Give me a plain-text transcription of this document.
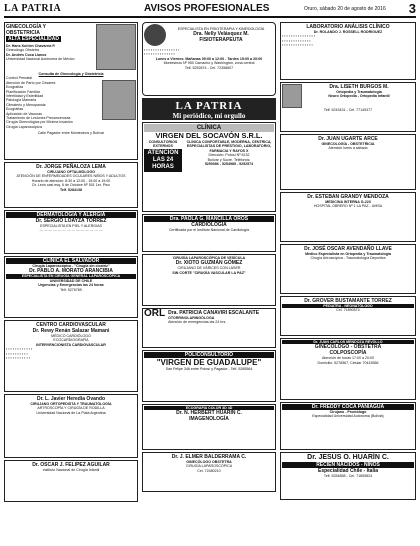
LA PATRIA	AVISOS PROFESIONALES	Oruro, sábado 20 de agosto de 2016 3
GINECOLOGÍA Y
OBSTETRICIA
ALTA ESPECIALIDAD
Dr. Hans Kuhlen Chavarría P.
Ginecólogo Obstetra
Dr. Andrés Coca Llanos
Universidad Nacional Autónoma de México
Consulta de Ginecología y Obstetricia
Control Prenatal
Atención de Parto por Cesárea
Ecografías
Planificación Familiar
Infertilidad y Esterilidad
Patología Mamaria
Climaterio y Menopausia
Ecografías
Aplicación de Vacunas
Tratamiento de Lesiones Precancerosas
Cirugía Ginecológica por Mínima Invasión
Cirugía Laparoscópica
Calle Pagador entre Montecinos y Bolívar
Dr. JORGE PEÑALOZA LEMA
CIRUJANO OFTALMÓLOGO
ATENCIÓN DE ENFERMEDADES OCULARES NIÑOS Y ADULTOS
Horario de atención: 8:30 a 12:00 - 15:00 a 19:00
Dr. León casi esq. 6 de Octubre Nº 501 1er. Piso
Telf. 5284138
DERMATOLOGÍA Y ALERGIA
Dr. SERGIO LOAYZA TÓRREZ
ESPECIALISTA EN PIEL Y ALERGIAS
— — — — — — — — — — — — — —
CLÍNICA EL SALVADOR
Cirugía Laparoscópica - "Cirugía sin cicatriz"
Dr. PABLO A. MORATO ARANCIBIA
ESPECIALISTA EN CIRUGÍA GENERAL LAPAROSCÓPICA
UNIVERSIDAD DE CHILE
Urgencias y Emergencias las 24 horas
Telf. 5276789
CENTRO CARDIOVASCULAR
Dr. Rewy Renán Salazar Mamani
MÉDICO CARDIÓLOGO
ECOCARDIOGRAFÍA
INTERVENCIONISTA CARDIOVASCULAR
▪ ▪ ▪ ▪ ▪ ▪ ▪ ▪ ▪ ▪ ▪ ▪
▪ ▪ ▪ ▪ ▪ ▪ ▪ ▪ ▪ ▪
▪ ▪ ▪ ▪ ▪ ▪ ▪ ▪ ▪ ▪ ▪
Dr. L. Javier Heredia Ovando
CIRUJANO ORTOPEDISTA Y TRAUMATOLOGÍA
ARTROSCOPÍA Y CIRUGÍA DE RODILLA
Universidad Nacional de La Plata Argentina
Dr. OSCAR J. FELIPEZ AGUILAR
Instituto Nacional de Cirugía Infantil
ESPECIALISTA EN FISIOTERAPIA Y KINESIOLOGÍA
Dra. Nelly Velásquez M.
FISIOTERAPEUTA
▪ ▪ ▪ ▪ ▪ ▪ ▪ ▪ ▪ ▪ ▪ ▪ ▪ ▪ ▪ ▪
▪ ▪ ▪ ▪ ▪ ▪ ▪ ▪ ▪ ▪ ▪ ▪ ▪ ▪
Lunes a Viernes: Mañanas 09:00 a 12:00 - Tardes 15:00 a 20:00
Montesinos Nº 950 Camacho y Washington, zona central
Telf. 5252874 - Cel. 72358607
LA PATRIA
Mi periódico, mi orgullo
CLÍNICA
VIRGEN DEL SOCAVÓN S.R.L.
CONSULTORIOS EXTERNOS
ATENCIÓN LAS 24 HORAS
CLÍNICA CONFORTABLE, MODERNA, CENTRICA, ESPECIALISTAS DE PRESTIGIO, LABORATORIO, FARMACIA Y RAYOS X
Dirección: Potosí Nº 6132
Bolívar y Sucre. Teléfonos:
5250086 - 5254985 - 5252574
Dra. PAOLA G. MANCILLA OROS
CARDIOLOGÍA
Certificada por el Instituto Nacional de Cardiología
CIRUGÍA LAPAROSCÓPICA DE VESÍCULA
Dr. XIOTO GUZMÁN GÓMEZ
CIRUJANO DE VÁRICES CON LÁSER
SIN CORTE "CIRUGÍA VASCULAR LA PAZ"
ORL Dra. PATRICIA CANAVIRI ESCALANTE
OTORRINOLARINGÓLOGA
Atención de emergencias las 24 hrs.
POLICONSULTORIO
"VIRGEN DE GUADALUPE"
San Felipe 346 entre Potosí y Pagador - Telf. 5285564
ECOGRAFÍA COLOR 3D 4D
Dr. N. HERBERT HUARÍN C.
IMAGENOLOGÍA
Dr. J. ELMER BALDERRAMA C.
GINECÓLOGO OBSTETRA
CIRUGÍA LAPAROSCÓPICA
Cel. 72480210
LABORATORIO ANÁLISIS CLÍNICO
Dr. ROLANDO J. ROSSELL RODRIGUEZ
▪ ▪ ▪ ▪ ▪ ▪ ▪ ▪ ▪ ▪ ▪ ▪ ▪ ▪ ▪
▪ ▪ ▪ ▪ ▪ ▪ ▪ ▪ ▪ ▪ ▪ ▪ ▪
▪ ▪ ▪ ▪ ▪ ▪ ▪ ▪ ▪ ▪ ▪ ▪ ▪ ▪
Dra. LISETH BURGOS M.
Ortopedia y Traumatología
Neuro Ortopedia - Ortopedia Infantil
Telf. 5243431 - Cel. 77149377
Dr. JUAN UGARTE ARCE
GINECOLOGÍA - OBSTETRICIA
Atención lunes a sábado
Dr. ESTEBAN GRANDY MENDOZA
MEDICINA INTERNA G-223
HOSPITAL OBRERO Nº 1 LA PAZ - UMSA
Dr. JOSÉ OSCAR AVENDAÑO LLAVE
Médico Especialista en Ortopedia y Traumatología
Cirugía Artroscópica - Traumatología Deportiva
Dr. GROVER BUSTAMANTE TORREZ
PEDIATRA - NEONATÓLOGO
Cel. 71890574
Dr. JUAN CARLOS MENDOZA REVOLLO
GINECÓLOGO - OBSTETRA
COLPOSCOPÍA
Atención de horas 17:00 a 20:00
Domicilio: 5276567, Celular 70415566
Dr. FREDDY COCA PANIAGUA
Cirujano - Proctólogo
Especialidad Universidad Autónoma (Bolivia)
Dr. JESÚS O. HUARÍN C.
RECIÉN NACIDOS - NIÑOS
Especialidad Chile - Italia
Telf. 5254858 - Cel. 71659824
